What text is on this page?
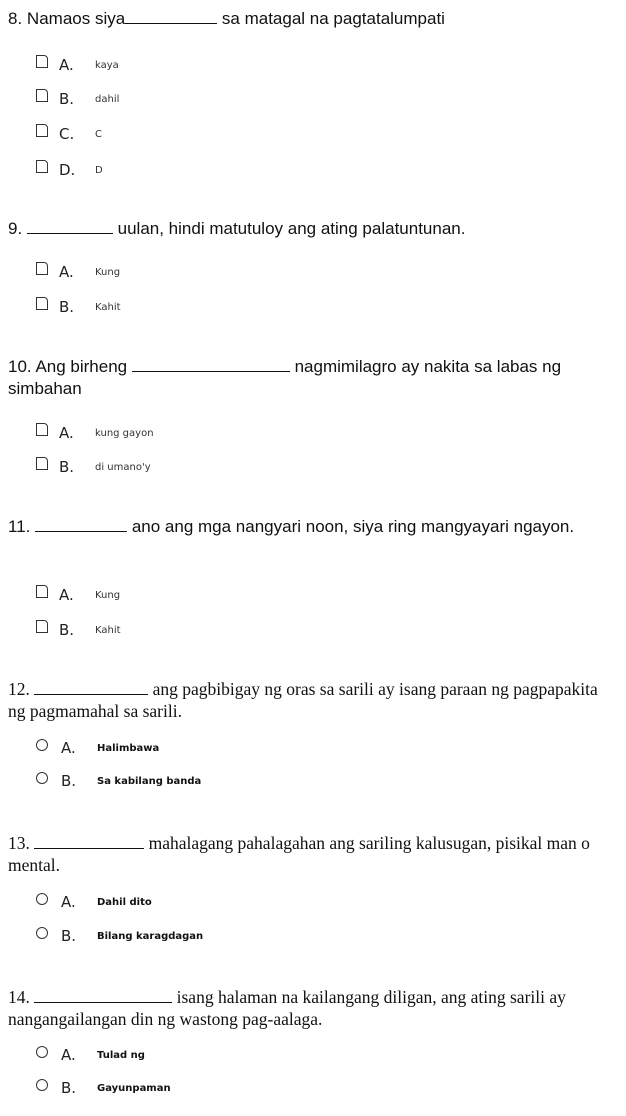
8. Namaos siya	sa matagal na pagtatalumpati

A.	kaya
B.	dahil
C.	C
D.	D

9.	uulan, hindi matutuloy ang ating palatuntunan.

A.	Kung
B.	Kahit

10. Ang birheng	nagmimilagro ay nakita sa labas ng simbahan

A.	kung gayon
B.	di umano'y

11.	ano ang mga nangyari noon, siya ring mangyayari ngayon.

A.	Kung
B.	Kahit

12.	ang pagbibigay ng oras sa sarili ay isang paraan ng pagpapakita ng pagmamahal sa sarili.

A.	Halimbawa
B.	Sa kabilang banda

13.	mahalagang pahalagahan ang sariling kalusugan, pisikal man o mental.

A.	Dahil dito
B.	Bilang karagdagan

14.	isang halaman na kailangang diligan, ang ating sarili ay nangangailangan din ng wastong pag-aalaga.

A.	Tulad ng
B.	Gayunpaman
